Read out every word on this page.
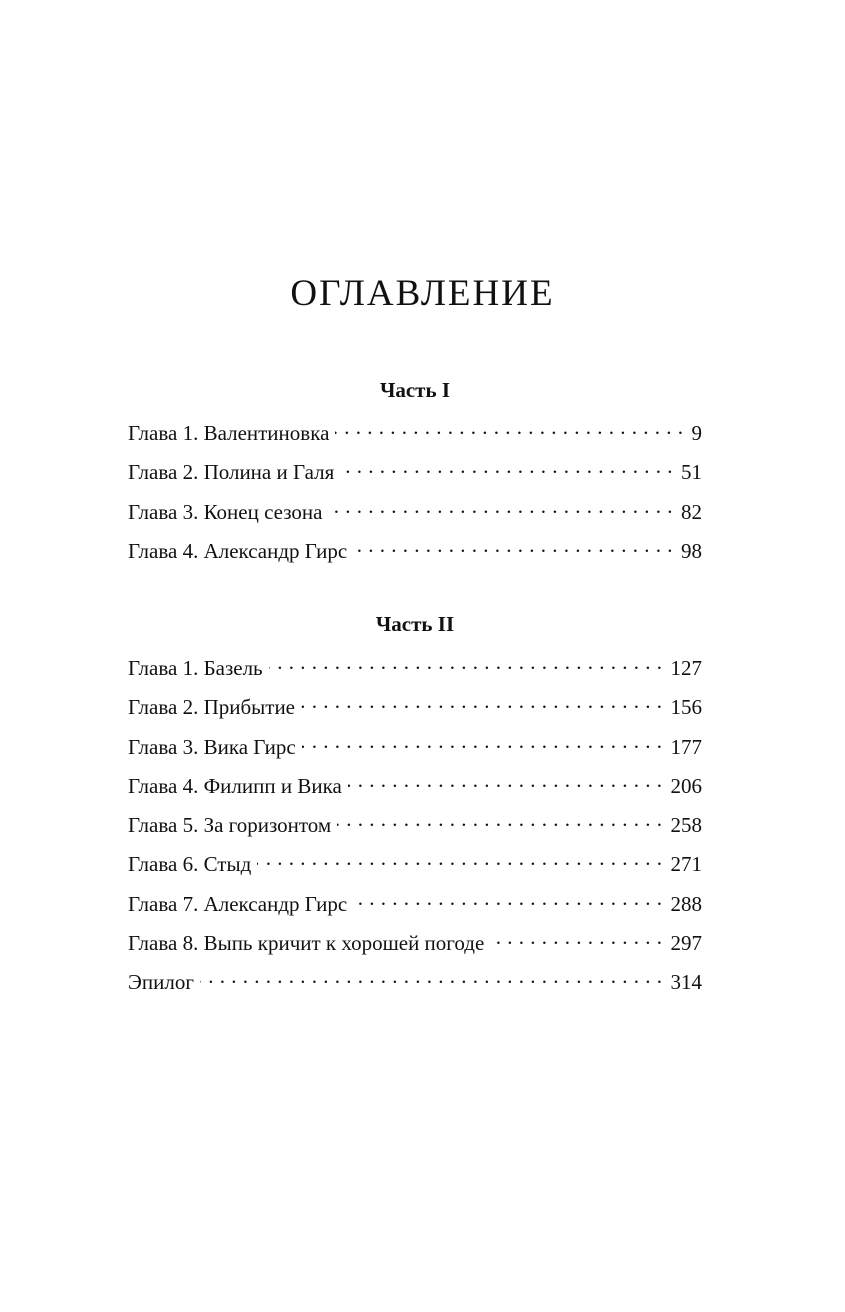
ОГЛАВЛЕНИЕ
Часть I
Глава 1. Валентиновка . . .	9
Глава 2. Полина и Галя . . .	51
Глава 3. Конец сезона . . .	82
Глава 4. Александр Гирс . . .	98
Часть II
Глава 1. Базель . . .	127
Глава 2. Прибытие . . .	156
Глава 3. Вика Гирс . . .	177
Глава 4. Филипп и Вика . . .	206
Глава 5. За горизонтом . . .	258
Глава 6. Стыд . . .	271
Глава 7. Александр Гирс . . .	288
Глава 8. Выпь кричит к хорошей погоде . . .	297
Эпилог . . .	314
